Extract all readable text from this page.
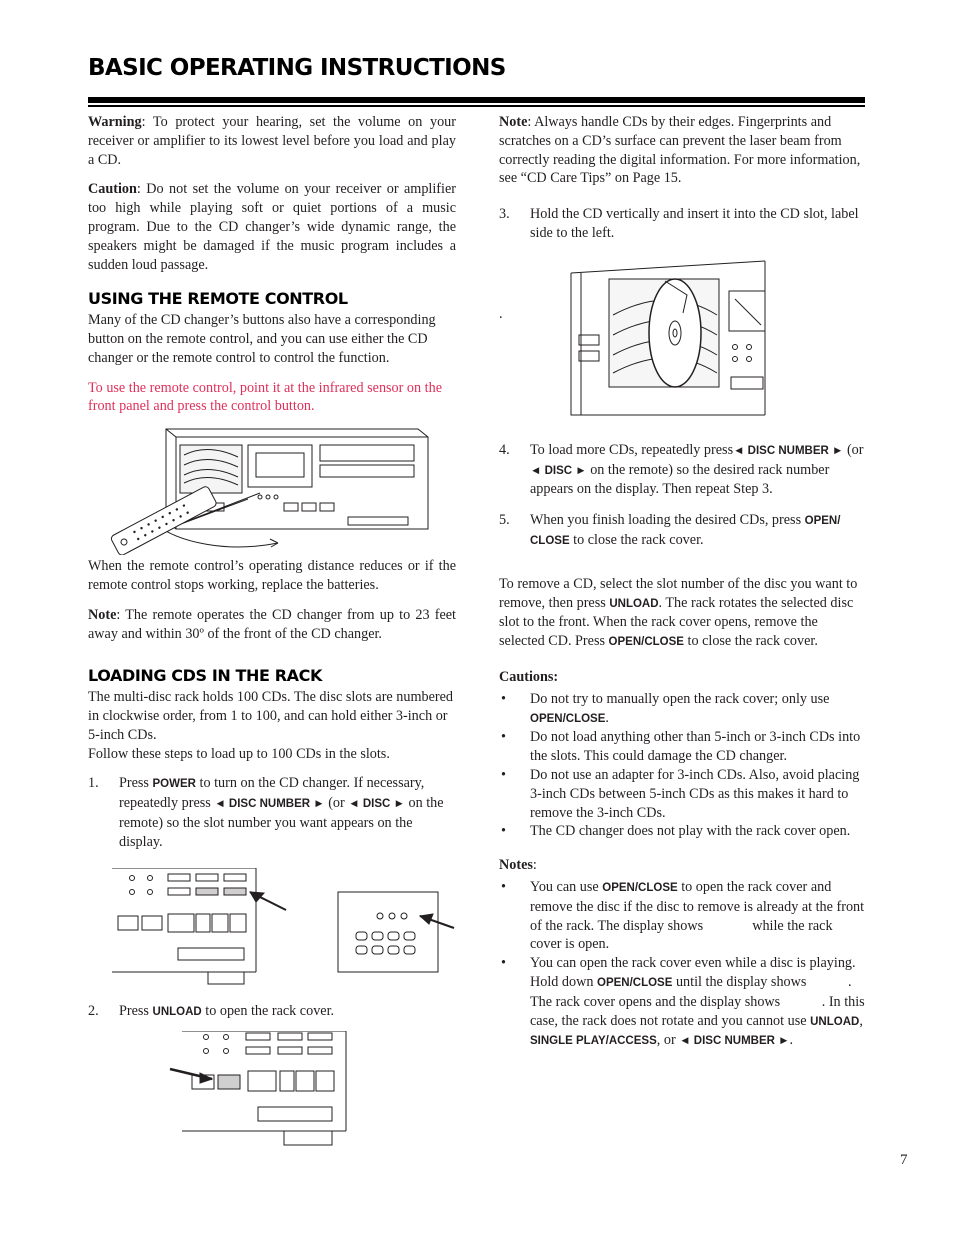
BASIC OPERATING INSTRUCTIONS

Warning: To protect your hearing, set the volume on your receiver or amplifier to its lowest level before you load and play a CD.

Caution: Do not set the volume on your receiver or amplifier too high while playing soft or quiet portions of a music program. Due to the CD changer’s wide dynamic range, the speakers might be damaged if the music program includes a sudden loud passage.

USING THE REMOTE CONTROL

Many of the CD changer’s buttons also have a corresponding button on the remote control, and you can use either the CD changer or the remote control to control the function.

To use the remote control, point it at the infrared sensor on the front panel and press the control button.

When the remote control’s operating distance reduces or if the remote control stops working, replace the batteries.

Note: The remote operates the CD changer from up to 23 feet away and within 30º of the front of the CD changer.

LOADING CDS IN THE RACK

The multi-disc rack holds 100 CDs. The disc slots are numbered in clockwise order, from 1 to 100, and can hold either 3-inch or 5-inch CDs.

Follow these steps to load up to 100 CDs in the slots.

1. Press POWER to turn on the CD changer. If necessary, repeatedly press ◄ DISC NUMBER ► (or ◄ DISC ► on the remote) so the slot number you want appears on the display.
2. Press UNLOAD to open the rack cover.

Note: Always handle CDs by their edges. Fingerprints and scratches on a CD’s surface can prevent the laser beam from correctly reading the digital information. For more information, see “CD Care Tips” on Page 15.

3. Hold the CD vertically and insert it into the CD slot, label side to the left.
.
4. To load more CDs, repeatedly press◄ DISC NUMBER ► (or ◄ DISC ► on the remote) so the desired rack number appears on the display. Then repeat Step 3.
5. When you finish loading the desired CDs, press OPEN/ CLOSE to close the rack cover.

To remove a CD, select the slot number of the disc you want to remove, then press UNLOAD. The rack rotates the selected disc slot to the front. When the rack cover opens, remove the selected CD. Press OPEN/CLOSE to close the rack cover.

Cautions:
• Do not try to manually open the rack cover; only use OPEN/CLOSE.
• Do not load anything other than 5-inch or 3-inch CDs into the slots. This could damage the CD changer.
• Do not use an adapter for 3-inch CDs. Also, avoid placing 3-inch CDs between 5-inch CDs as this makes it hard to remove the 3-inch CDs.
• The CD changer does not play with the rack cover open.
Notes:
• You can use OPEN/CLOSE to open the rack cover and remove the disc if the disc to remove is already at the front of the rack. The display shows	while the rack cover is open.
• You can open the rack cover even while a disc is playing. Hold down OPEN/CLOSE until the display shows	. The rack cover opens and the display shows	. In this case, the rack does not rotate and you cannot use UNLOAD, SINGLE PLAY/ACCESS, or ◄ DISC NUMBER ►.
7
